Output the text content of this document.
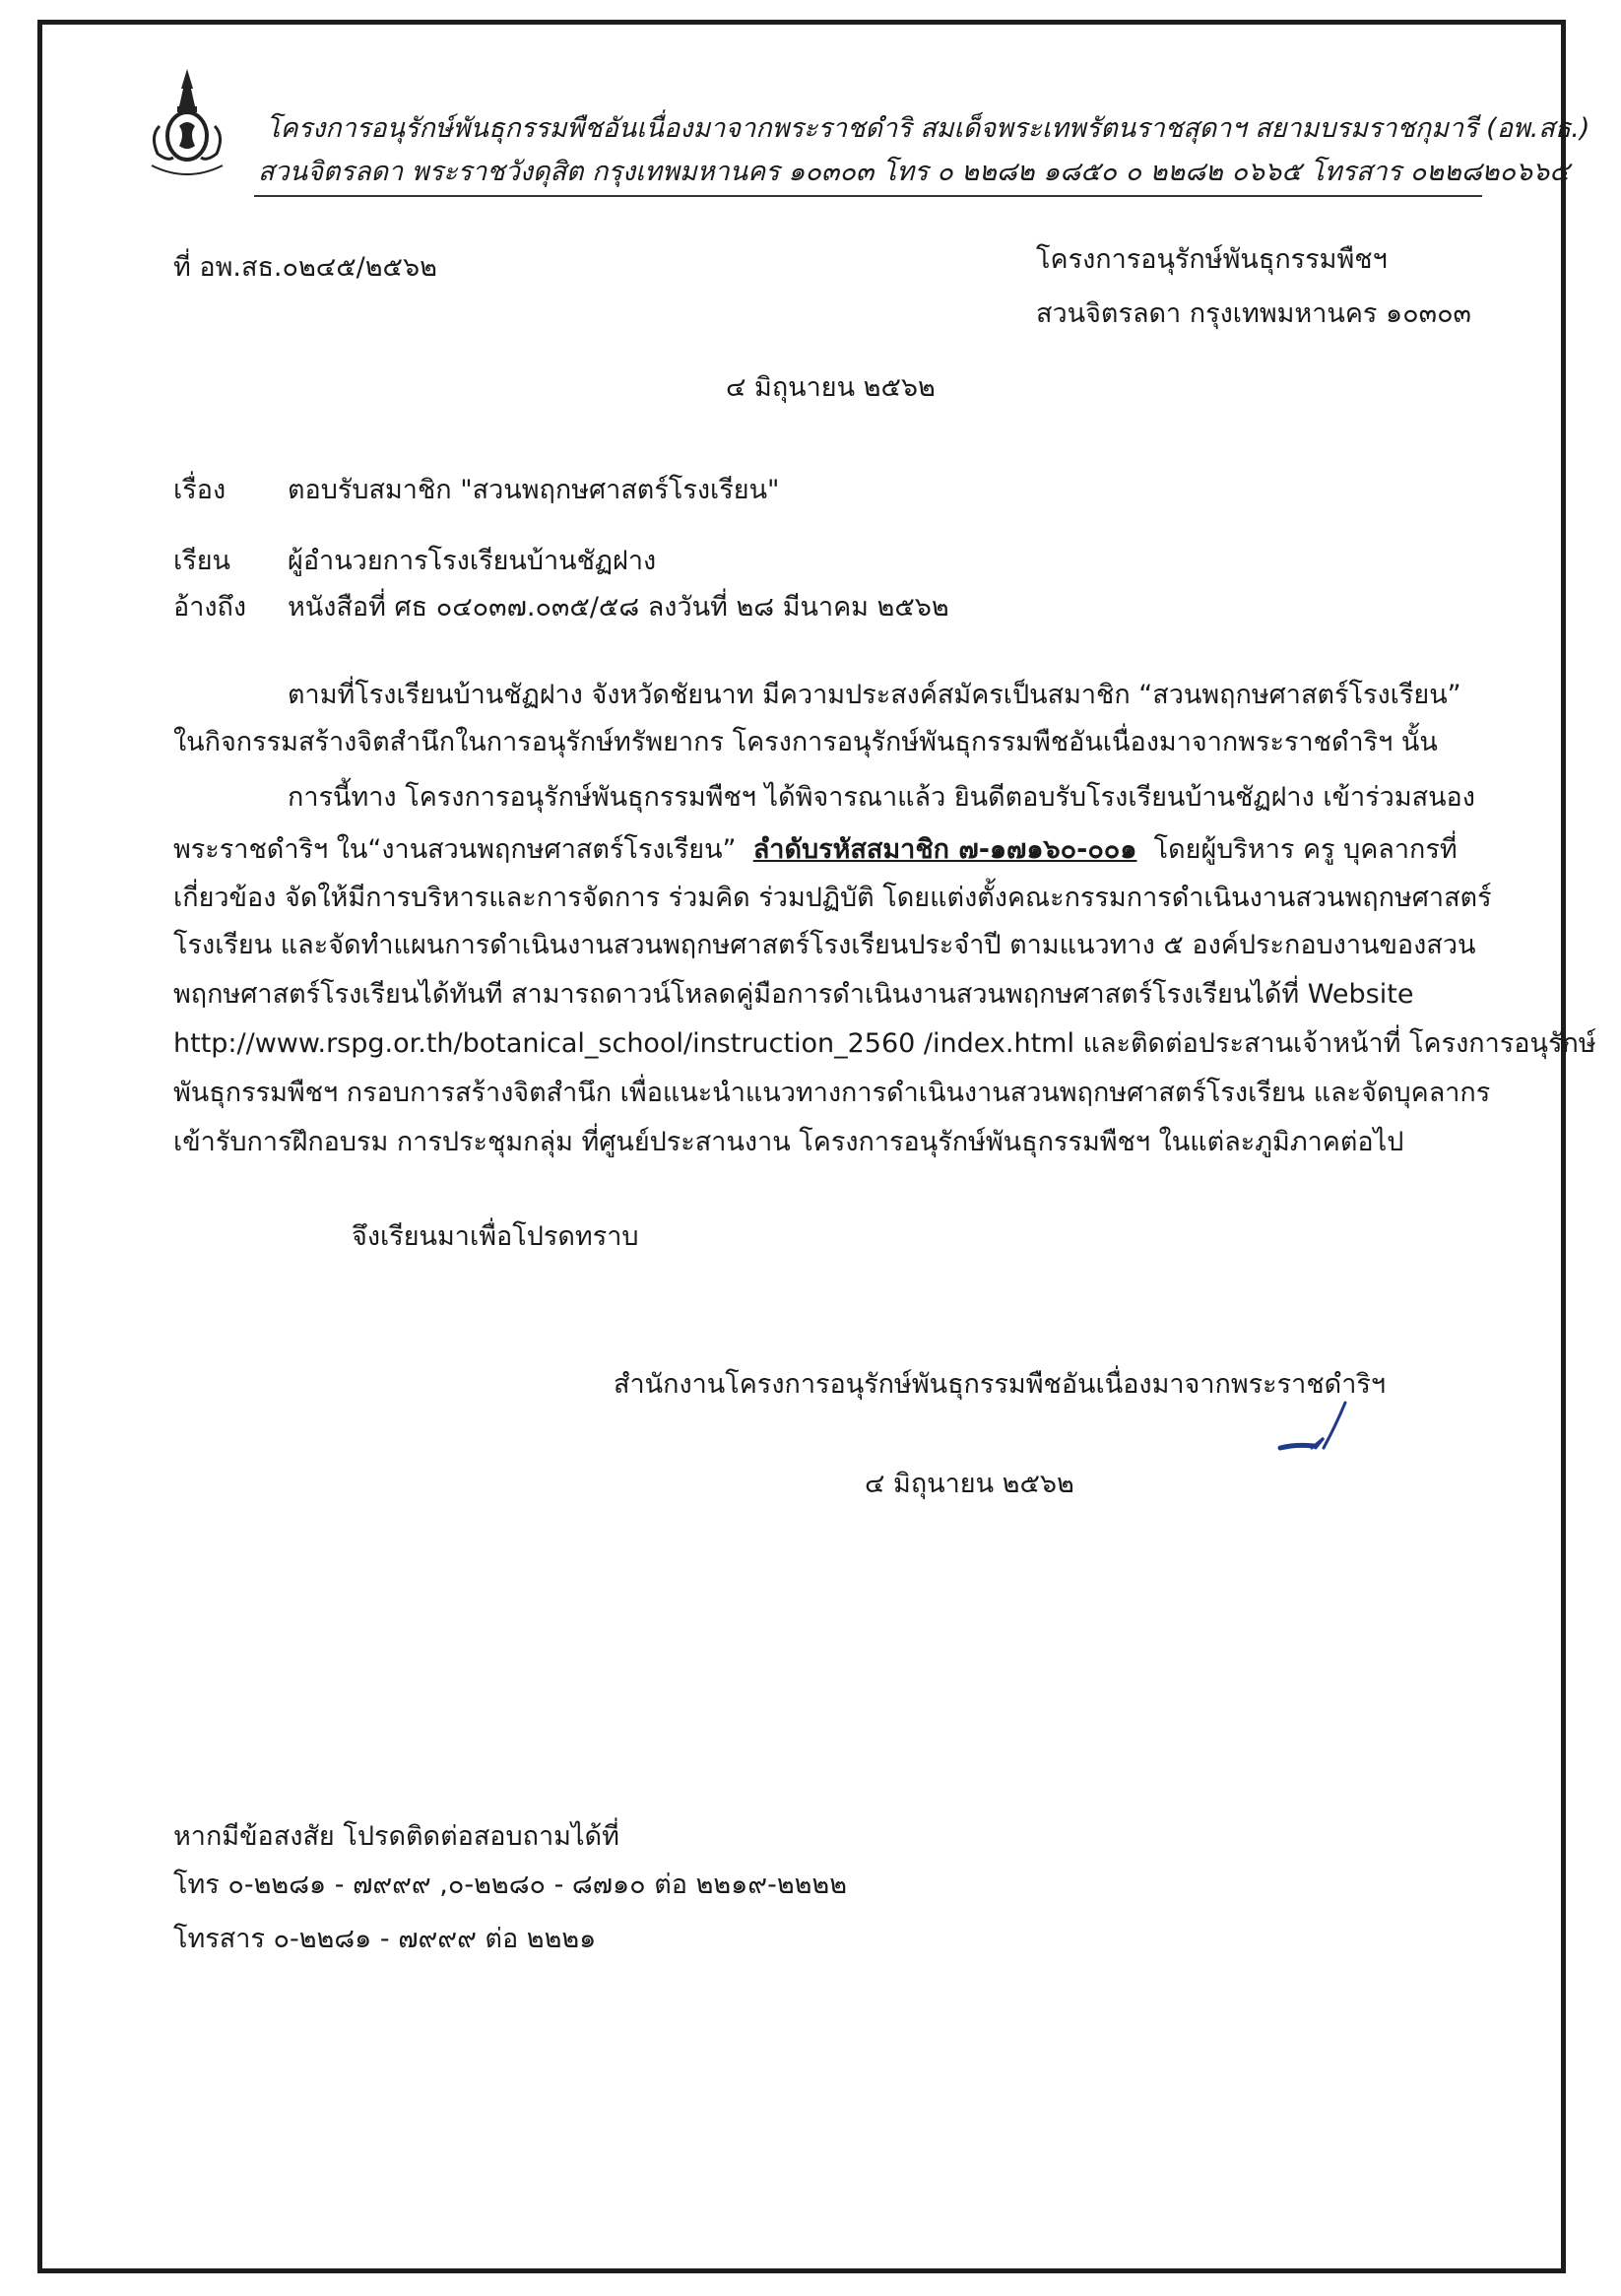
โครงการอนุรักษ์พันธุกรรมพืชอันเนื่องมาจากพระราชดำริ สมเด็จพระเทพรัตนราชสุดาฯ สยามบรมราชกุมารี (อพ.สธ.)
สวนจิตรลดา พระราชวังดุสิต กรุงเทพมหานคร ๑๐๓๐๓ โทร ๐ ๒๒๘๒ ๑๘๕๐ ๐ ๒๒๘๒ ๐๖๖๕ โทรสาร ๐๒๒๘๒๐๖๖๕
ที่ อพ.สธ.๐๒๔๕/๒๕๖๒	โครงการอนุรักษ์พันธุกรรมพืชฯ
สวนจิตรลดา กรุงเทพมหานคร ๑๐๓๐๓
๔ มิถุนายน ๒๕๖๒
เรื่อง ตอบรับสมาชิก "สวนพฤกษศาสตร์โรงเรียน"
เรียน ผู้อำนวยการโรงเรียนบ้านชัฏฝาง
อ้างถึง หนังสือที่ ศธ ๐๔๐๓๗.๐๓๕/๕๘ ลงวันที่ ๒๘ มีนาคม ๒๕๖๒
ตามที่โรงเรียนบ้านชัฏฝาง จังหวัดชัยนาท มีความประสงค์สมัครเป็นสมาชิก “สวนพฤกษศาสตร์โรงเรียน”
ในกิจกรรมสร้างจิตสำนึกในการอนุรักษ์ทรัพยากร โครงการอนุรักษ์พันธุกรรมพืชอันเนื่องมาจากพระราชดำริฯ นั้น
การนี้ทาง โครงการอนุรักษ์พันธุกรรมพืชฯ ได้พิจารณาแล้ว ยินดีตอบรับโรงเรียนบ้านชัฏฝาง เข้าร่วมสนอง
พระราชดำริฯ ใน“งานสวนพฤกษศาสตร์โรงเรียน” ลำดับรหัสสมาชิก ๗-๑๗๑๖๐-๐๐๑ โดยผู้บริหาร ครู บุคลากรที่
เกี่ยวข้อง จัดให้มีการบริหารและการจัดการ ร่วมคิด ร่วมปฏิบัติ โดยแต่งตั้งคณะกรรมการดำเนินงานสวนพฤกษศาสตร์
โรงเรียน และจัดทำแผนการดำเนินงานสวนพฤกษศาสตร์โรงเรียนประจำปี ตามแนวทาง ๕ องค์ประกอบงานของสวน
พฤกษศาสตร์โรงเรียนได้ทันที สามารถดาวน์โหลดคู่มือการดำเนินงานสวนพฤกษศาสตร์โรงเรียนได้ที่ Website
http://www.rspg.or.th/botanical_school/instruction_2560 /index.html และติดต่อประสานเจ้าหน้าที่ โครงการอนุรักษ์
พันธุกรรมพืชฯ กรอบการสร้างจิตสำนึก เพื่อแนะนำแนวทางการดำเนินงานสวนพฤกษศาสตร์โรงเรียน และจัดบุคลากร
เข้ารับการฝึกอบรม การประชุมกลุ่ม ที่ศูนย์ประสานงาน โครงการอนุรักษ์พันธุกรรมพืชฯ ในแต่ละภูมิภาคต่อไป
จึงเรียนมาเพื่อโปรดทราบ
สำนักงานโครงการอนุรักษ์พันธุกรรมพืชอันเนื่องมาจากพระราชดำริฯ
๔ มิถุนายน ๒๕๖๒
หากมีข้อสงสัย โปรดติดต่อสอบถามได้ที่
โทร ๐-๒๒๘๑ - ๗๙๙๙ ,๐-๒๒๘๐ - ๘๗๑๐ ต่อ ๒๒๑๙-๒๒๒๒
โทรสาร ๐-๒๒๘๑ - ๗๙๙๙ ต่อ ๒๒๒๑
